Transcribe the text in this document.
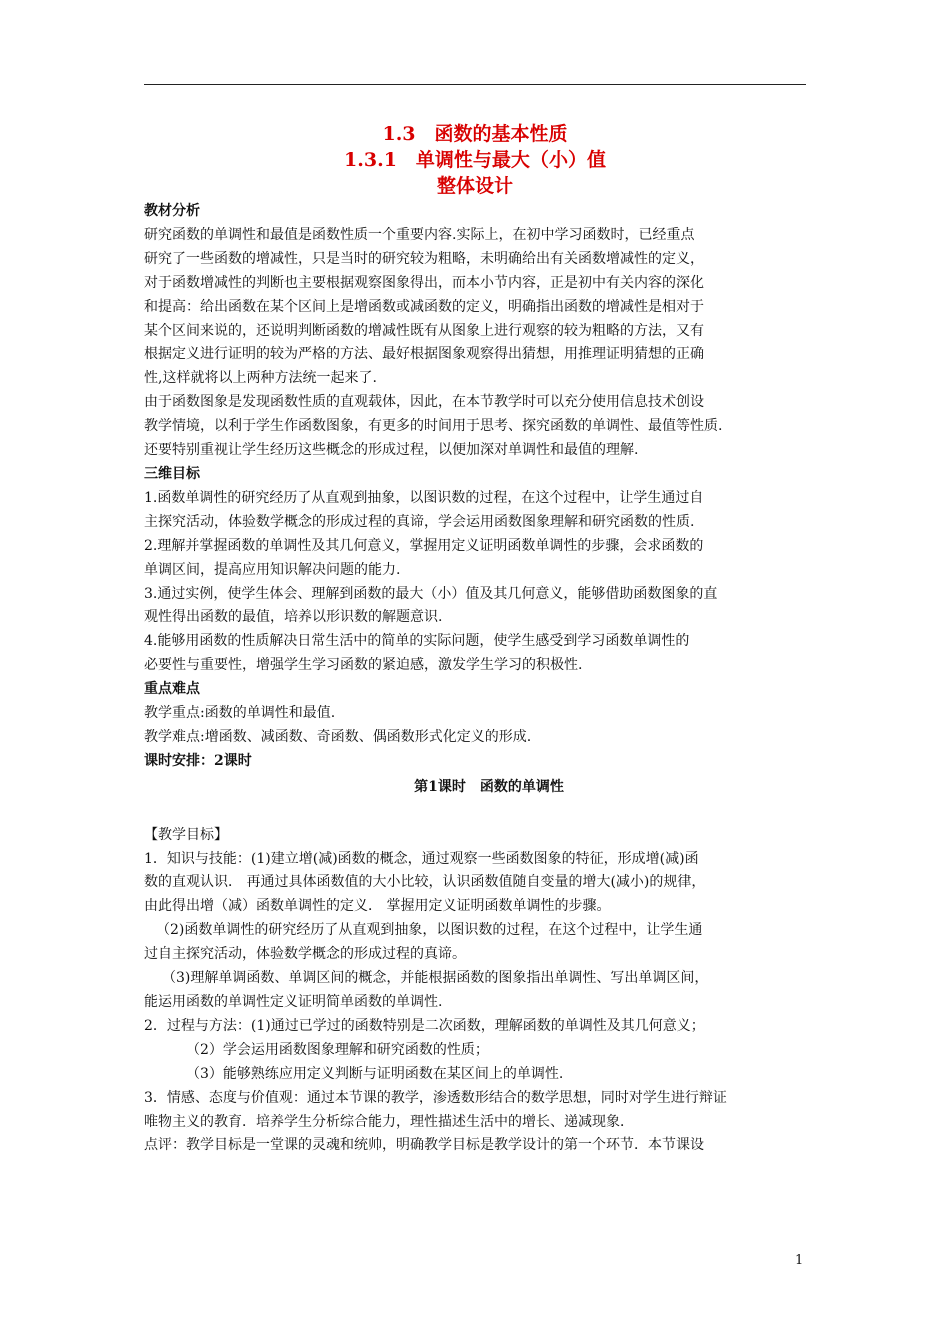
1.3　函数的基本性质
1.3.1　单调性与最大（小）值
整体设计

教材分析

研究函数的单调性和最值是函数性质一个重要内容.实际上，在初中学习函数时，已经重点

研究了一些函数的增减性，只是当时的研究较为粗略，未明确给出有关函数增减性的定义，

对于函数增减性的判断也主要根据观察图象得出，而本小节内容，正是初中有关内容的深化

和提高：给出函数在某个区间上是增函数或减函数的定义，明确指出函数的增减性是相对于

某个区间来说的，还说明判断函数的增减性既有从图象上进行观察的较为粗略的方法，又有

根据定义进行证明的较为严格的方法、最好根据图象观察得出猜想，用推理证明猜想的正确

性,这样就将以上两种方法统一起来了.

由于函数图象是发现函数性质的直观载体，因此，在本节教学时可以充分使用信息技术创设

教学情境，以利于学生作函数图象，有更多的时间用于思考、探究函数的单调性、最值等性质.

还要特别重视让学生经历这些概念的形成过程，以便加深对单调性和最值的理解.

三维目标

1.函数单调性的研究经历了从直观到抽象，以图识数的过程，在这个过程中，让学生通过自

主探究活动，体验数学概念的形成过程的真谛，学会运用函数图象理解和研究函数的性质.

2.理解并掌握函数的单调性及其几何意义，掌握用定义证明函数单调性的步骤，会求函数的

单调区间，提高应用知识解决问题的能力.

3.通过实例，使学生体会、理解到函数的最大（小）值及其几何意义，能够借助函数图象的直

观性得出函数的最值，培养以形识数的解题意识.

4.能够用函数的性质解决日常生活中的简单的实际问题，使学生感受到学习函数单调性的

必要性与重要性，增强学生学习函数的紧迫感，激发学生学习的积极性.

重点难点

教学重点:函数的单调性和最值.

教学难点:增函数、减函数、奇函数、偶函数形式化定义的形成.

课时安排：2课时

第1课时　函数的单调性

【教学目标】

1．知识与技能：(1)建立增(减)函数的概念，通过观察一些函数图象的特征，形成增(减)函

数的直观认识． 再通过具体函数值的大小比较，认识函数值随自变量的增大(减小)的规律，

由此得出增（减）函数单调性的定义． 掌握用定义证明函数单调性的步骤。

（2)函数单调性的研究经历了从直观到抽象，以图识数的过程，在这个过程中，让学生通

过自主探究活动，体验数学概念的形成过程的真谛。

（3)理解单调函数、单调区间的概念，并能根据函数的图象指出单调性、写出单调区间，

能运用函数的单调性定义证明简单函数的单调性.

2．过程与方法：(1)通过已学过的函数特别是二次函数，理解函数的单调性及其几何意义；

（2）学会运用函数图象理解和研究函数的性质；

（3）能够熟练应用定义判断与证明函数在某区间上的单调性.

3．情感、态度与价值观：通过本节课的教学，渗透数形结合的数学思想，同时对学生进行辩证

唯物主义的教育．培养学生分析综合能力，理性描述生活中的增长、递减现象．

点评：教学目标是一堂课的灵魂和统帅，明确教学目标是教学设计的第一个环节．本节课设

1
